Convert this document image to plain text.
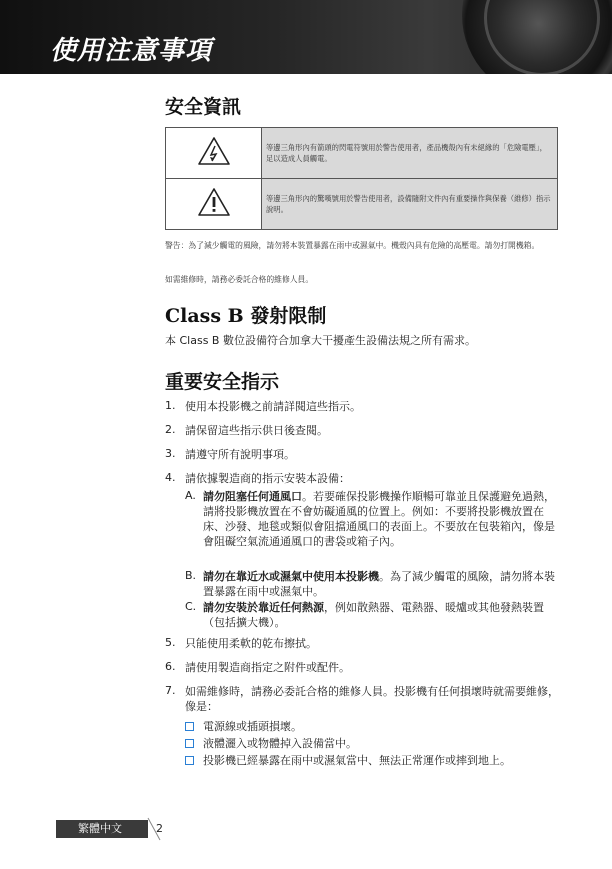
使用注意事項
安全資訊
	等邊三角形內有箭頭的閃電符號用於警告使用者，產品機殼內有未絕緣的「危險電壓」，足以造成人員觸電。
	等邊三角形內的驚嘆號用於警告使用者，設備隨附文件內有重要操作與保養（維修）指示說明。
警告：為了減少觸電的風險，請勿將本裝置暴露在雨中或濕氣中。機殼內具有危險的高壓電。請勿打開機箱。
如需維修時，請務必委託合格的維修人員。
Class B 發射限制
本 Class B 數位設備符合加拿大干擾產生設備法規之所有需求。
重要安全指示
1. 使用本投影機之前請詳閱這些指示。
2. 請保留這些指示供日後查閱。
3. 請遵守所有說明事項。
4. 請依據製造商的指示安裝本設備：
A. 請勿阻塞任何通風口。若要確保投影機操作順暢可靠並且保護避免過熱，請將投影機放置在不會妨礙通風的位置上。例如：不要將投影機放置在床、沙發、地毯或類似會阻擋通風口的表面上。不要放在包裝箱內，像是會阻礙空氣流通通風口的書袋或箱子內。
B. 請勿在靠近水或濕氣中使用本投影機。為了減少觸電的風險，請勿將本裝置暴露在雨中或濕氣中。
C. 請勿安裝於靠近任何熱源，例如散熱器、電熱器、暖爐或其他發熱裝置（包括擴大機）。
5. 只能使用柔軟的乾布擦拭。
6. 請使用製造商指定之附件或配件。
7. 如需維修時，請務必委託合格的維修人員。投影機有任何損壞時就需要維修，像是：
電源線或插頭損壞。
液體灑入或物體掉入設備當中。
投影機已經暴露在雨中或濕氣當中、無法正常運作或摔到地上。
繁體中文	2
